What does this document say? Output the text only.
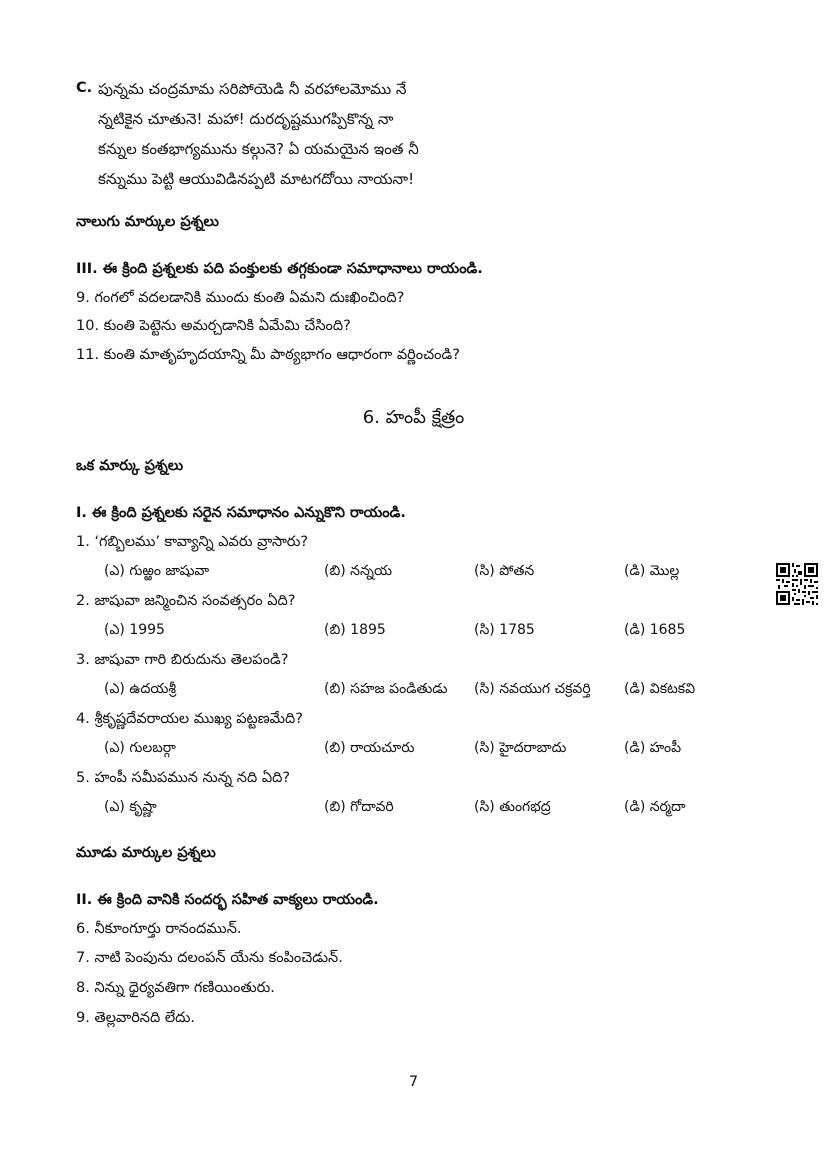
C. పున్నమ చంద్రమామ సరిపోయెడి నీ వరహాలమోము నే
న్నటికైన చూతునె! మహా! దురదృష్టముగప్పికొన్న నా
కన్నుల కంతభాగ్యమును కల్గునె? ఏ యమయైన ఇంత నీ
కన్నుము పెట్టి ఆయువిడినప్పటి మాటగదోయి నాయనా!
నాలుగు మార్కుల ప్రశ్నలు
III. ఈ క్రింది ప్రశ్నలకు పది పంక్తులకు తగ్గకుండా సమాధానాలు రాయండి.
9. గంగలో వదలడానికి ముందు కుంతి ఏమని దుఃఖించింది?
10. కుంతి పెట్టెను అమర్చడానికి ఏమేమి చేసింది?
11. కుంతి మాతృహృదయాన్ని మీ పాఠ్యభాగం ఆధారంగా వర్ణించండి?
6. హంపీ క్షేత్రం
ఒక మార్కు ప్రశ్నలు
I. ఈ క్రింది ప్రశ్నలకు సరైన సమాధానం ఎన్నుకొని రాయండి.
1. ‘గబ్బిలము’ కావ్యాన్ని ఎవరు వ్రాసారు?
(ఎ) గుఱ్ఱం జాషువా	(బి) నన్నయ	(సి) పోతన	(డి) మొల్ల
2. జాషువా జన్మించిన సంవత్సరం ఏది?
(ఎ) 1995	(బి) 1895	(సి) 1785	(డి) 1685
3. జాషువా గారి బిరుదును తెలపండి?
(ఎ) ఉదయశ్రీ	(బి) సహజ పండితుడు (సి) నవయుగ చక్రవర్తి (డి) వికటకవి
4. శ్రీకృష్ణదేవరాయల ముఖ్య పట్టణమేది?
(ఎ) గులబర్గా	(బి) రాయచూరు	(సి) హైదరాబాదు	(డి) హంపీ
5. హంపీ సమీపమున నున్న నది ఏది?
(ఎ) కృష్ణా	(బి) గోదావరి	(సి) తుంగభద్ర	(డి) నర్మదా
మూడు మార్కుల ప్రశ్నలు
II. ఈ క్రింది వానికి సందర్భ సహిత వాక్యలు రాయండి.
6. నీకూంగూర్తు రానందమున్.
7. నాటి పెంపును దలంపన్ యేను కంపించెడున్.
8. నిన్ను ధైర్యవతిగా గణియింతురు.
9. తెల్లవారినది లేదు.
7
